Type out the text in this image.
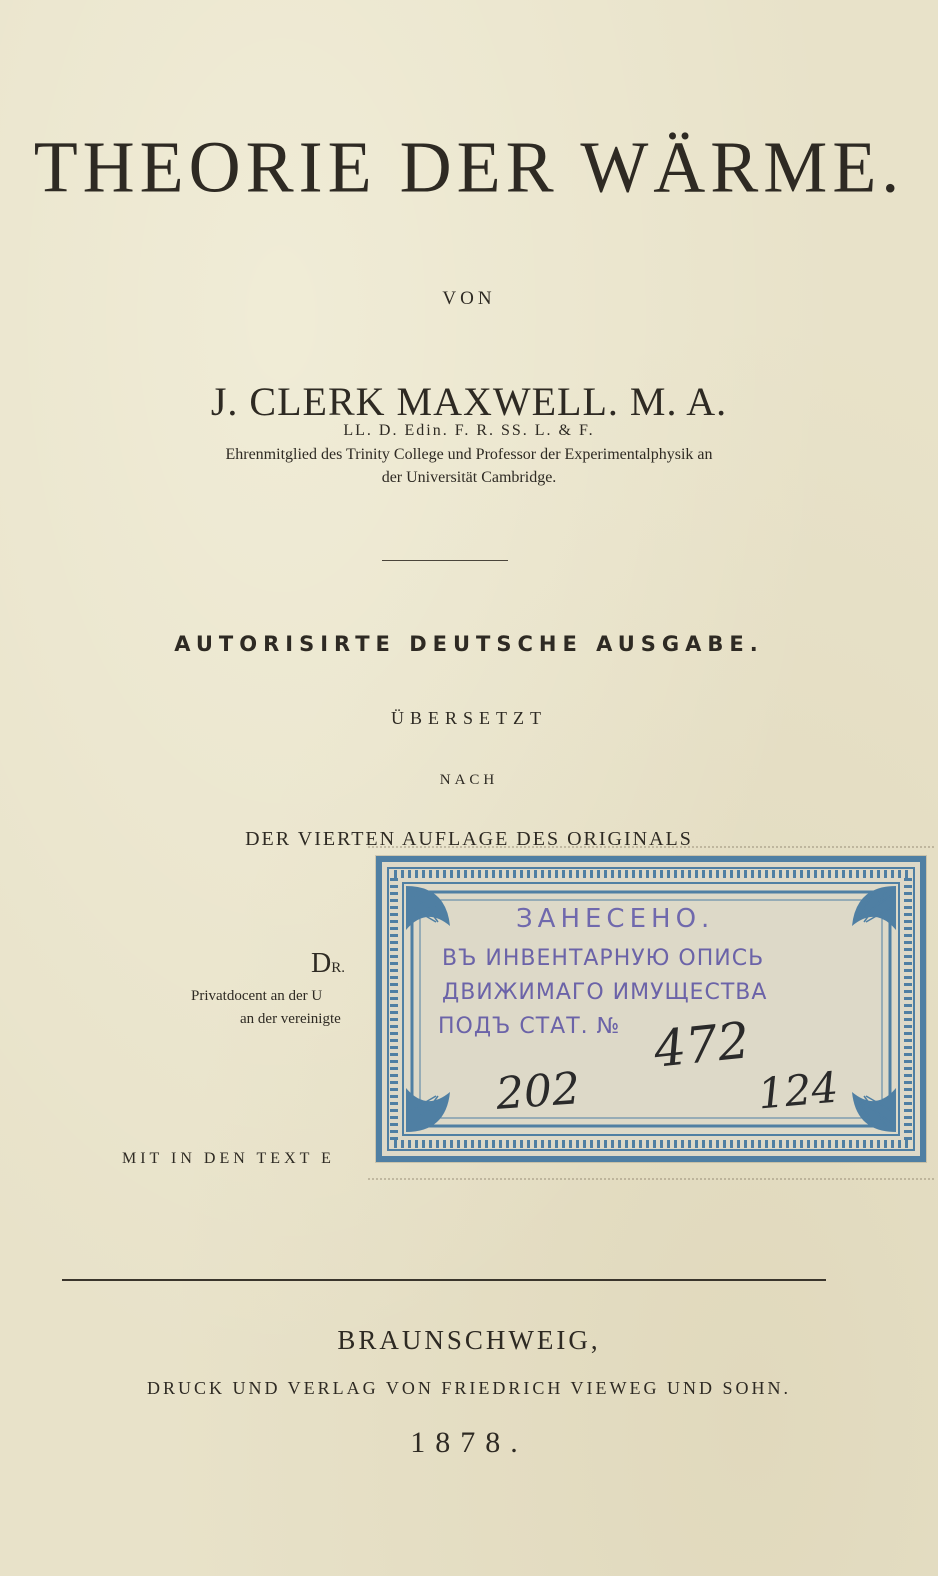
THEORIE DER WÄRME.
VON
J. CLERK MAXWELL. M. A.
LL. D. Edin. F. R. SS. L. & F.
Ehrenmitglied des Trinity College und Professor der Experimentalphysik an
der Universität Cambridge.
AUTORISIRTE DEUTSCHE AUSGABE.
ÜBERSETZT
NACH
DER VIERTEN AUFLAGE DES ORIGINALS
DR.
Privatdocent an der U
an der vereinigte
MIT IN DEN TEXT E
ЗАНЕСЕНО.
ВЪ ИНВЕНТАРНУЮ ОПИСЬ
ДВИЖИМАГО ИМУЩЕСТВА
ПОДЪ СТАТ. № 472
202	124
BRAUNSCHWEIG,
DRUCK UND VERLAG VON FRIEDRICH VIEWEG UND SOHN.
1878.
